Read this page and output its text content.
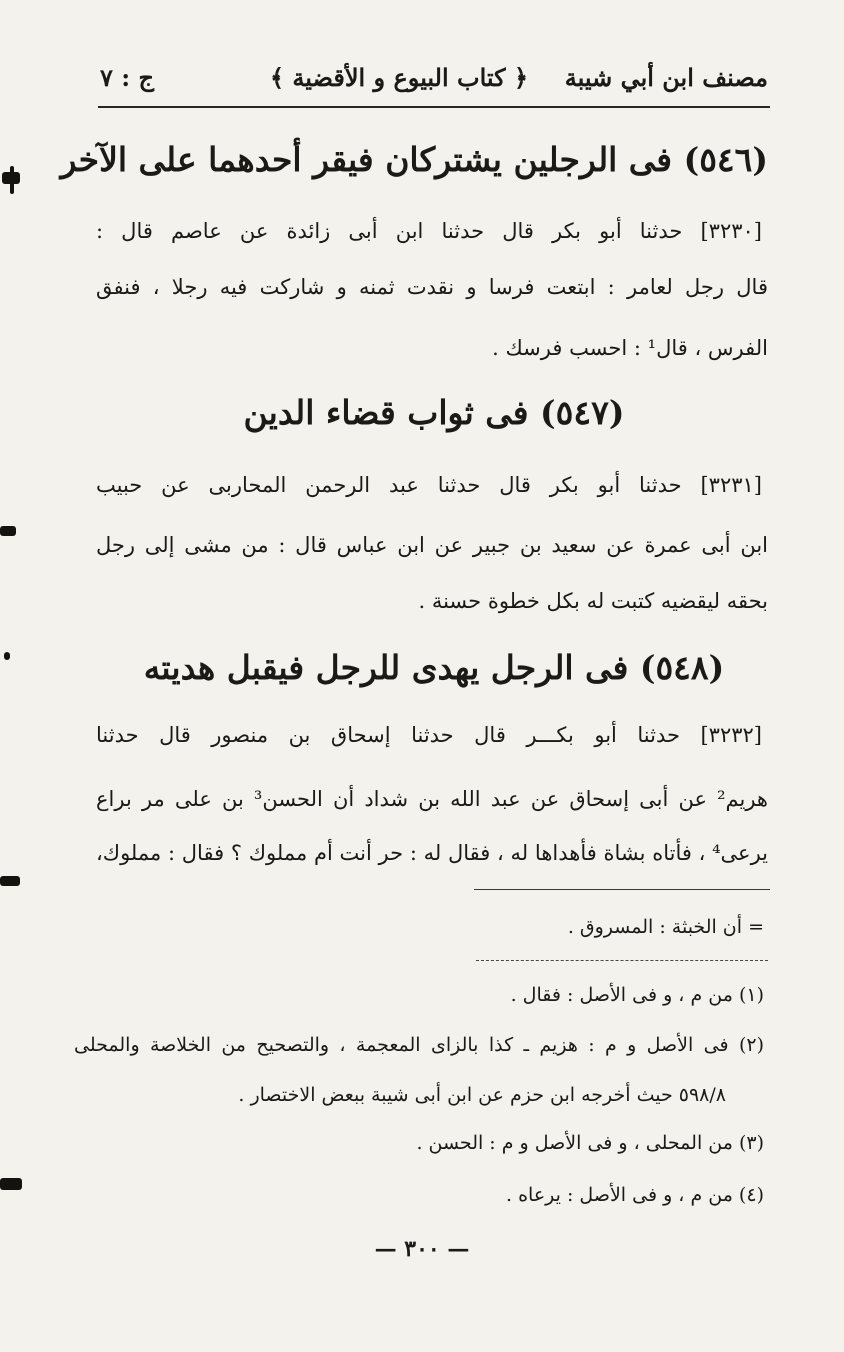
مصنف ابن أبي شيبة
﴿ كتاب البيوع و الأقضية ﴾
ج : ٧
(٥٤٦) فى الرجلين يشتركان فيقر أحدهما على الآخر
[٣٢٣٠] حدثنا أبو بكر قال حدثنا ابن أبى زائدة عن عاصم قال :
قال رجل لعامر : ابتعت فرسا و نقدت ثمنه و شاركت فيه رجلا ، فنفق
الفرس ، قال¹ : احسب فرسك .
(٥٤٧) فى ثواب قضاء الدين
[٣٢٣١] حدثنا أبو بكر قال حدثنا عبد الرحمن المحاربى عن حبيب
ابن أبى عمرة عن سعيد بن جبير عن ابن عباس قال : من مشى إلى رجل
بحقه ليقضيه كتبت له بكل خطوة حسنة .
(٥٤٨) فى الرجل يهدى للرجل فيقبل هديته
[٣٢٣٢] حدثنا أبو بكـــر قال حدثنا إسحاق بن منصور قال حدثنا
هريم² عن أبى إسحاق عن عبد الله بن شداد أن الحسن³ بن على مر براع
يرعى⁴ ، فأتاه بشاة فأهداها له ، فقال له : حر أنت أم مملوك ؟ فقال : مملوك،
= أن الخبثة : المسروق .
(١) من م ، و فى الأصل : فقال .
(٢) فى الأصل و م : هزيم ـ كذا بالزاى المعجمة ، والتصحيح من الخلاصة والمحلى
٥٩٨/٨ حيث أخرجه ابن حزم عن ابن أبى شيبة ببعض الاختصار .
(٣) من المحلى ، و فى الأصل و م : الحسن .
(٤) من م ، و فى الأصل : يرعاه .
— ٣٠٠ —
